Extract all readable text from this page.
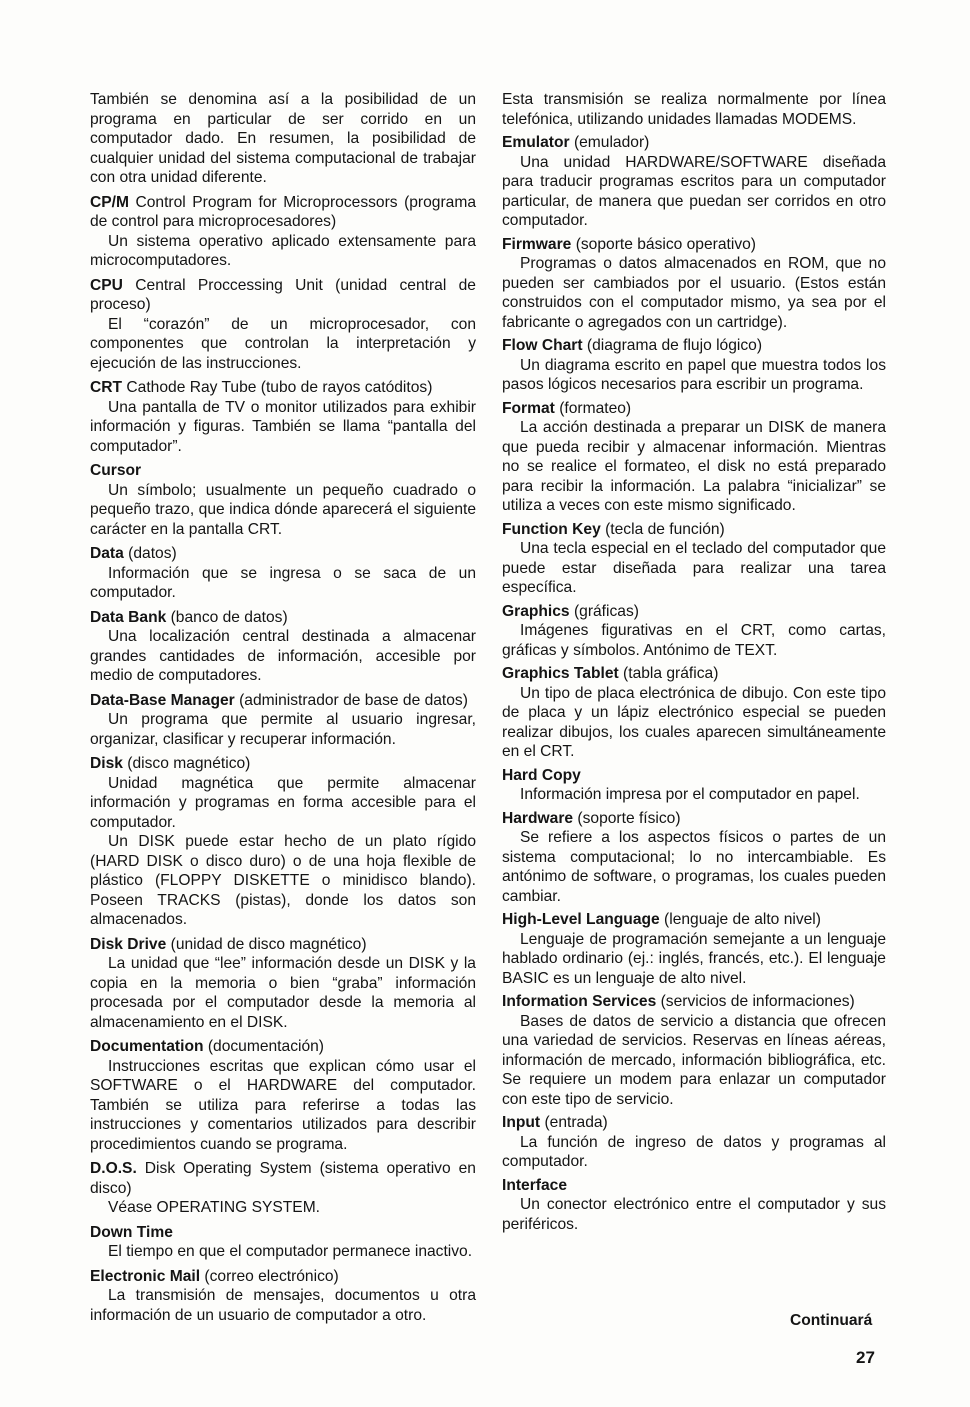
También se denomina así a la posibilidad de un programa en particular de ser corrido en un computador dado. En resumen, la posibilidad de cualquier unidad del sistema computacional de trabajar con otra unidad diferente.

CP/M Control Program for Microprocessors (programa de control para microprocesadores)

Un sistema operativo aplicado extensamente para microcomputadores.

CPU Central Proccessing Unit (unidad central de proceso)

El “corazón” de un microprocesador, con componentes que controlan la interpretación y ejecución de las instrucciones.

CRT Cathode Ray Tube (tubo de rayos catóditos)

Una pantalla de TV o monitor utilizados para exhibir información y figuras. También se llama “pantalla del computador”.

Cursor

Un símbolo; usualmente un pequeño cuadrado o pequeño trazo, que indica dónde aparecerá el siguiente carácter en la pantalla CRT.

Data (datos)

Información que se ingresa o se saca de un computador.

Data Bank (banco de datos)

Una localización central destinada a almacenar grandes cantidades de información, accesible por medio de computadores.

Data-Base Manager (administrador de base de datos)

Un programa que permite al usuario ingresar, organizar, clasificar y recuperar información.

Disk (disco magnético)

Unidad magnética que permite almacenar información y programas en forma accesible para el computador.

Un DISK puede estar hecho de un plato rígido (HARD DISK o disco duro) o de una hoja flexible de plástico (FLOPPY DISKETTE o minidisco blando). Poseen TRACKS (pistas), donde los datos son almacenados.

Disk Drive (unidad de disco magnético)

La unidad que “lee” información desde un DISK y la copia en la memoria o bien “graba” información procesada por el computador desde la memoria al almacenamiento en el DISK.

Documentation (documentación)

Instrucciones escritas que explican cómo usar el SOFTWARE o el HARDWARE del computador. También se utiliza para referirse a todas las instrucciones y comentarios utilizados para describir procedimientos cuando se programa.

D.O.S. Disk Operating System (sistema operativo en disco)

Véase OPERATING SYSTEM.

Down Time

El tiempo en que el computador permanece inactivo.

Electronic Mail (correo electrónico)

La transmisión de mensajes, documentos u otra información de un usuario de computador a otro.

Esta transmisión se realiza normalmente por línea telefónica, utilizando unidades llamadas MODEMS.

Emulator (emulador)

Una unidad HARDWARE/SOFTWARE diseñada para traducir programas escritos para un computador particular, de manera que puedan ser corridos en otro computador.

Firmware (soporte básico operativo)

Programas o datos almacenados en ROM, que no pueden ser cambiados por el usuario. (Estos están construidos con el computador mismo, ya sea por el fabricante o agregados con un cartridge).

Flow Chart (diagrama de flujo lógico)

Un diagrama escrito en papel que muestra todos los pasos lógicos necesarios para escribir un programa.

Format (formateo)

La acción destinada a preparar un DISK de manera que pueda recibir y almacenar información. Mientras no se realice el formateo, el disk no está preparado para recibir la información. La palabra “inicializar” se utiliza a veces con este mismo significado.

Function Key (tecla de función)

Una tecla especial en el teclado del computador que puede estar diseñada para realizar una tarea específica.

Graphics (gráficas)

Imágenes figurativas en el CRT, como cartas, gráficas y símbolos. Antónimo de TEXT.

Graphics Tablet (tabla gráfica)

Un tipo de placa electrónica de dibujo. Con este tipo de placa y un lápiz electrónico especial se pueden realizar dibujos, los cuales aparecen simultáneamente en el CRT.

Hard Copy

Información impresa por el computador en papel.

Hardware (soporte físico)

Se refiere a los aspectos físicos o partes de un sistema computacional; lo no intercambiable. Es antónimo de software, o programas, los cuales pueden cambiar.

High-Level Language (lenguaje de alto nivel)

Lenguaje de programación semejante a un lenguaje hablado ordinario (ej.: inglés, francés, etc.). El lenguaje BASIC es un lenguaje de alto nivel.

Information Services (servicios de informaciones)

Bases de datos de servicio a distancia que ofrecen una variedad de servicios. Reservas en líneas aéreas, información de mercado, información bibliográfica, etc. Se requiere un modem para enlazar un computador con este tipo de servicio.

Input (entrada)

La función de ingreso de datos y programas al computador.

Interface

Un conector electrónico entre el computador y sus periféricos.

Continuará
27
